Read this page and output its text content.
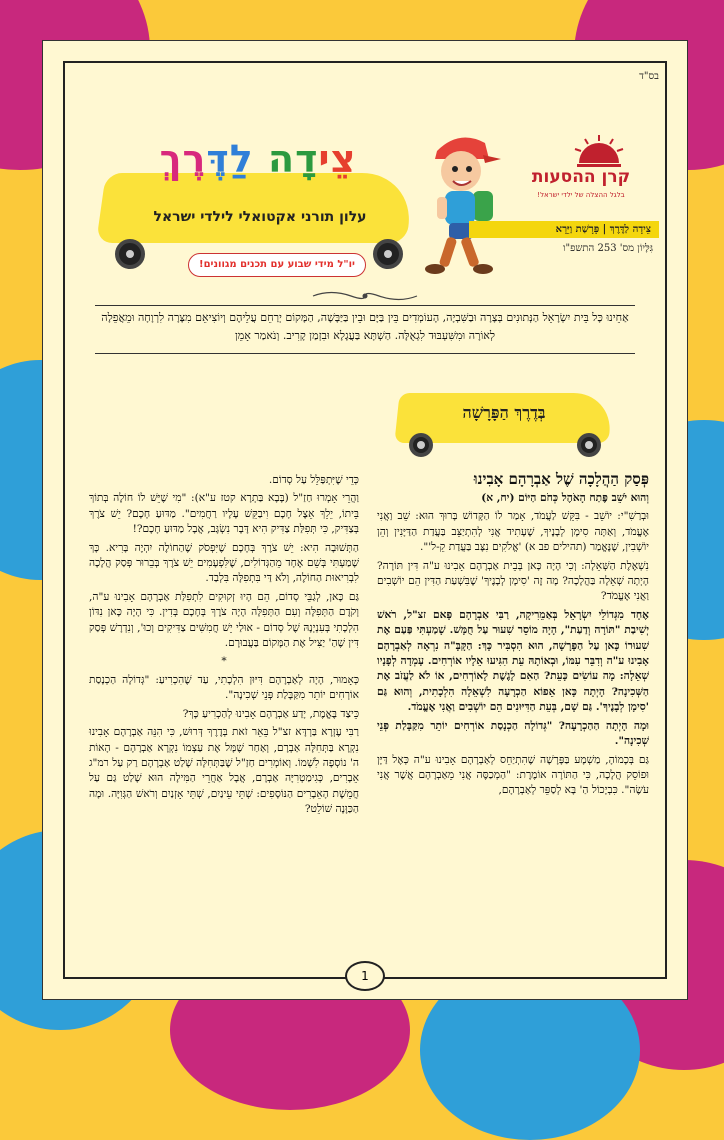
בס"ד
צֵידָה לַדֶּרֶךְ
עלון תורני אקטואלי לילדי ישראל
יו"ל מידי שבוע עם תכנים מגוונים!
קרן ההסעות
בלגל ההצלה של ילדי ישראל!
צֵידָה לַדֶּרֶךְ | פָּרָשַׁת וַיֵּרָא
גִּלָּיוֹן מס' 253 התשפ"ו
אַחֵינוּ כָּל בֵּית יִשְׂרָאֵל הַנְּתוּנִים בְּצָרָה וּבַשִּׁבְיָה, הָעוֹמְדִים בֵּין בַּיָּם וּבֵין בַּיַּבָּשָׁה, הַמָּקוֹם יְרַחֵם עֲלֵיהֶם וְיוֹצִיאֵם מִצָּרָה לִרְוָחָה וּמֵאֲפֵלָה לְאוֹרָה וּמִשִּׁעְבּוּד לִגְאֻלָּה. הַשְׁתָּא בַּעֲגָלָא וּבִזְמַן קָרִיב. וְנֹאמַר אָמֵן
בְּדֶרֶךְ הַפָּרָשָׁה
פְּסַק הַהֲלָכָה שֶׁל אַבְרָהָם אָבִינוּ

וְהוּא יֹשֵׁב פֶּתַח הָאֹהֶל כְּחֹם הַיּוֹם (יח, א)

וּבְרַשִׁ"י: יוֹשֵׁב - בִּקֵּשׁ לַעֲמֹד, אָמַר לוֹ הַקָּדוֹשׁ בָּרוּךְ הוּא: שֵׁב וַאֲנִי אֶעֱמֹד, וְאַתָּה סִימָן לְבָנֶיךָ, שֶׁעָתִיד אֲנִי לְהִתְיַצֵּב בַּעֲדַת הַדַּיָּנִין וְהֵן יוֹשְׁבִין, שֶׁנֶּאֱמַר (תהילים פב א) 'אֱלֹקִים נִצָּב בַּעֲדַת קֵ-ל'".

נִשְׁאֶלֶת הַשְּׁאֵלָה: וְכִי הָיָה כָּאן בְּבֵית אַבְרָהָם אָבִינוּ ע"ה דִּין תּוֹרָה? הָיְתָה שְׁאֵלָה בַּהֲלָכָה? מָה זֶה 'סִימָן לְבָנֶיךָ' שֶׁבִּשְׁעַת הַדִּין הֵם יוֹשְׁבִים וַאֲנִי אֶעֱמֹד?

אֶחָד מִגְּדוֹלֵי יִשְׂרָאֵל בְּאַמֵרִיקָה, רַבִּי אַבְרָהָם פָּאם זצ"ל, רֹאשׁ יְשִׁיבַת "תּוֹרָה וְדַעַת", הָיָה מוֹסֵר שִׁעוּר עַל חֻמָּשׁ. שָׁמַעְתִּי פַּעַם אֶת שִׁעוּרוֹ כָּאן עַל הַפָּרָשָׁה, הוּא הִסְבִּיר כָּךְ: הַקָּבָּ"ה נִרְאָה לְאַבְרָהָם אָבִינוּ ע"ה וְדִבֵּר עִמּוֹ, וּבְאוֹתָהּ עֵת הִגִּיעוּ אֵלָיו אוֹרְחִים. עָמְדָה לְפָנָיו שְׁאֵלָה: מָה עוֹשִׂים כָּעֵת? הַאִם לָגֶשֶׁת לָאוֹרְחִים, אוֹ לֹא לַעֲזֹב אֶת הַשְּׁכִינָה? הָיְתָה כָּאן אֵפוֹא הַכְרָעָה לִשְׁאֵלָה הִלְכָתִית, וְהוּא גַּם 'סִימָן לְבָנֶיךָ'. גַּם שָׁם, בְּעֵת הַדִּיּוּנִים הֵם יוֹשְׁבִים וַאֲנִי אֶעֱמֹד.

וּמָה הָיְתָה הַהַכְרָעָה? "גְּדוֹלָה הַכְנָסַת אוֹרְחִים יוֹתֵר מִקַּבָּלַת פְּנֵי שְׁכִינָה".

גַּם בְּכָמוֹהָ, מַשְׁמָע בַּפָּרָשָׁה שֶׁהִתְיַחֵס לְאַבְרָהָם אָבִינוּ ע"ה כְּאֶל דַּיָּן וּפוֹסֵק הֲלָכָה, כִּי הַתּוֹרָה אוֹמֶרֶת: "הַמְכַסֶּה אֲנִי מֵאַבְרָהָם אֲשֶׁר אֲנִי עֹשֶׂה". כִּבְיָכוֹל הַ' בָּא לְסַפֵּר לְאַבְרָהָם,

כְּדֵי שֶׁיִּתְפַּלֵּל עַל סְדוֹם.

וַהֲרֵי אָמְרוּ חַזַ"ל (בָּבָא בַּתְרָא קטז ע"א): "מִי שֶׁיֵּשׁ לוֹ חוֹלֶה בְּתוֹךְ בֵּיתוֹ, יֵלֵךְ אֵצֶל חָכָם וִיבַקֵּשׁ עָלָיו רַחֲמִים". מַדּוּעַ חָכָם? יֵשׁ צֹרֶךְ בְּצַדִּיק, כִּי תְּפִלַּת צַדִּיק הִיא דָּבָר נִשְׂגָּב, אֲבָל מַדּוּעַ חָכָם?!

הַתְּשׁוּבָה הִיא: יֵשׁ צֹרֶךְ בְּחָכָם שֶׁיִּפְסֹק שֶׁהַחוֹלֶה יִהְיֶה בָּרִיא. כָּךְ שָׁמַעְתִּי בְּשֵׁם אֶחָד מֵהַגְּדוֹלִים, שֶׁלִּפְעָמִים יֵשׁ צֹרֶךְ בְּבֵרוּר פְּסַק הֲלָכָה לִבְרִיאוּת הַחוֹלֶה, וְלֹא דַּי בִּתְפִלָּה בִּלְבַד.

גַּם כָּאן, לְגַבֵּי סְדוֹם, הֵם הָיוּ זְקוּקִים לִתְפִלַּת אַבְרָהָם אָבִינוּ ע"ה, וְקֹדֶם הַתְּפִלָּה וְעִם הַתְּפִלָּה הָיָה צֹרֶךְ בְּחָכָם בְּדִין. כִּי הָיָה כָּאן נִדּוֹן הִלְכָתִי בְּעִנְיְנָהּ שֶׁל סְדוֹם - אוּלַי יֵשׁ חֲמִשִּׁים צַדִּיקִים וְכוּ', וְנִדְרָשׁ פְּסַק דִּין שֶׁהַ' יַצִּיל אֶת הַמָּקוֹם בַּעֲבוּרָם.

*

כְּאָמוּר, הָיָה לְאַבְרָהָם דִּיּוּן הִלְכָתִי, עַד שֶׁהִכְרִיעַ: "גְּדוֹלָה הַכְנָסַת אוֹרְחִים יוֹתֵר מִקַּבָּלַת פְּנֵי שְׁכִינָה".

כֵּיצַד בֶּאֱמֶת, יָדַע אַבְרָהָם אָבִינוּ לְהַכְרִיעַ כָּךְ?

רַבִּי עֶזְרָא בַּרְדָּא זצ"ל בֵּאֵר זֹאת בְּדֶרֶךְ דְּרוּשׁ, כִּי הִנֵּה אַבְרָהָם אָבִינוּ נִקְרָא בַּתְּחִלָּה אַבְרָם, וְאַחַר שֶׁמָּל אֶת עַצְמוֹ נִקְרָא אַבְרָהָם - הָאוֹת ה' נוֹסְפָה לִשְׁמוֹ. וְאוֹמְרִים חַזַ"ל שֶׁבַּתְּחִלָּה שָׁלַט אַבְרָהָם רַק עַל רמ"ג אֵבָרִים, כְּגִימַטְרִיָּה אַבְרָם, אֲבָל אַחֲרֵי הַמִּילָה הוּא שָׁלַט גַּם עַל חֲמֵשֶׁת הָאֵבָרִים הַנּוֹסָפִים: שְׁתֵּי עֵינַיִם, שְׁתֵּי אָזְנַיִם וְרֹאשׁ הַגְּוִיָּה. וּמָה הַכַּוָּנָה שׁוֹלֵט?

1
